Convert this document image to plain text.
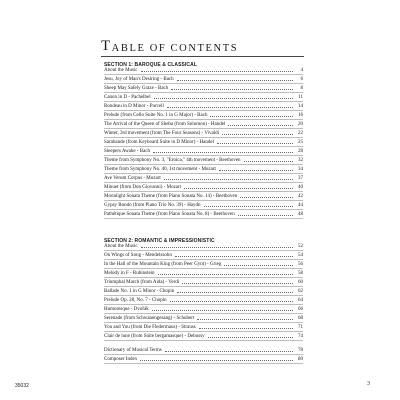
T ABLE OF CONTENTS
SECTION 1: BAROQUE & CLASSICAL
About the Music	4
Jesu, Joy of Man's Desiring - Bach	6
Sheep May Safely Graze - Bach	8
Canon in D - Pachelbel	11
Rondeau in D Minor - Purcell	14
Prelude (from Cello Suite No. 1 in G Major) - Bach	16
The Arrival of the Queen of Sheba (from Solomon) - Handel	20
Winter, 3rd movement (from The Four Seasons) - Vivaldi	22
Sarabande (from Keyboard Suite in D Minor) - Handel	25
Sleepers Awake - Bach	28
Theme from Symphony No. 3, "Eroica," 4th movement - Beethoven	32
Theme from Symphony No. 40, 1st movement - Mozart	34
Ave Verum Corpus - Mozart	37
Minuet (from Don Giovanni) - Mozart	40
Moonlight Sonata Theme (from Piano Sonata No. 14) - Beethoven	42
Gypsy Rondo (from Piano Trio No. 39) - Haydn	44
Pathétique Sonata Theme (from Piano Sonata No. 8) - Beethoven	48
SECTION 2: ROMANTIC & IMPRESSIONISTIC
About the Music	52
On Wings of Song - Mendelssohn	54
In the Hall of the Mountain King (from Peer Gynt) - Grieg	56
Melody in F - Rubinstein	58
Triumphal March (from Aida) - Verdi	60
Ballade No. 1 in G Minor - Chopin	62
Prelude Op. 28, No. 7 - Chopin	64
Humoresque - Dvořák	66
Serenade (from Schwanengesang) - Schubert	68
You and You (from Die Fledermaus) - Strauss	71
Clair de lune (from Suite bergamasque) - Debussy	74
Dictionary of Musical Terms	78
Composer Index	80
35032	3
